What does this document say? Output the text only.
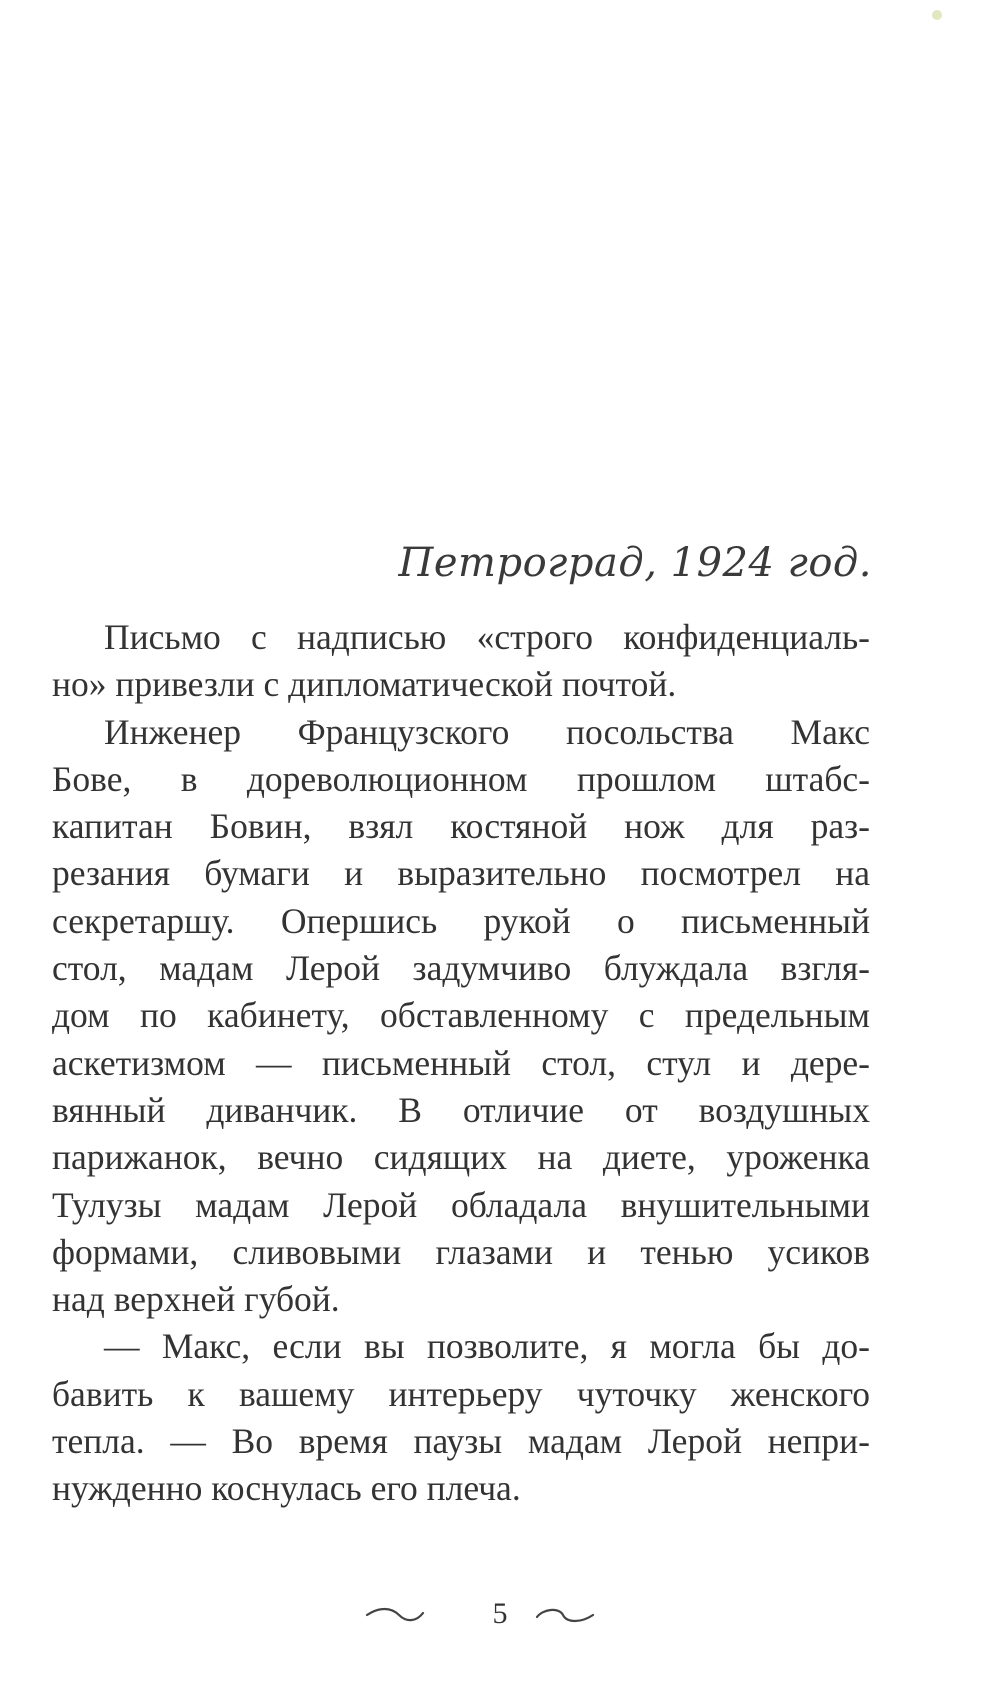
Петроград, 1924 год.
Письмо с надписью «строго конфиденциаль-
но» привезли с дипломатической почтой.
Инженер Французского посольства Макс
Бове, в дореволюционном прошлом штабс-
капитан Бовин, взял костяной нож для раз-
резания бумаги и выразительно посмотрел на
секретаршу. Опершись рукой о письменный
стол, мадам Лерой задумчиво блуждала взгля-
дом по кабинету, обставленному с предельным
аскетизмом — письменный стол, стул и дере-
вянный диванчик. В отличие от воздушных
парижанок, вечно сидящих на диете, уроженка
Тулузы мадам Лерой обладала внушительными
формами, сливовыми глазами и тенью усиков
над верхней губой.
— Макс, если вы позволите, я могла бы до-
бавить к вашему интерьеру чуточку женского
тепла. — Во время паузы мадам Лерой непри-
нужденно коснулась его плеча.
5
